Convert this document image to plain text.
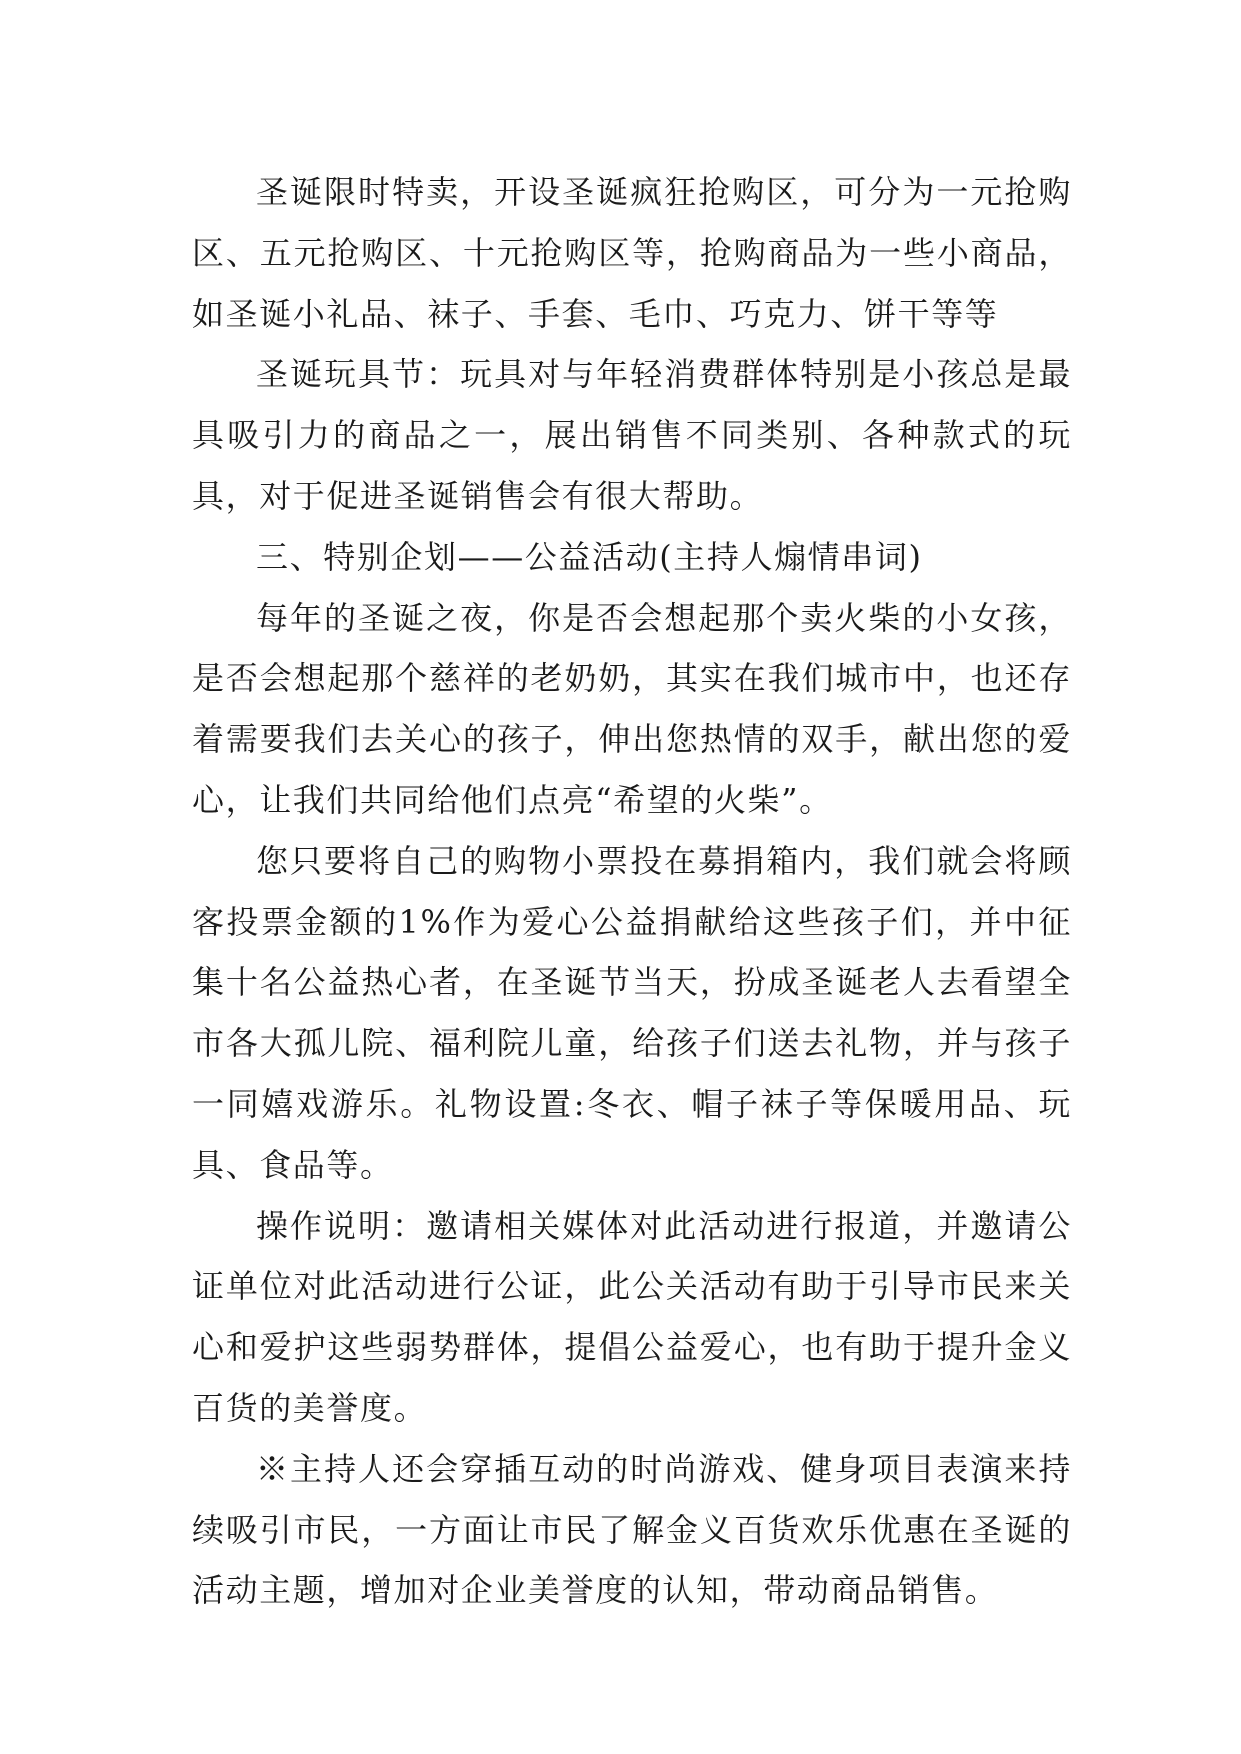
圣诞限时特卖，开设圣诞疯狂抢购区，可分为一元抢购区、五元抢购区、十元抢购区等，抢购商品为一些小商品，如圣诞小礼品、袜子、手套、毛巾、巧克力、饼干等等

圣诞玩具节：玩具对与年轻消费群体特别是小孩总是最具吸引力的商品之一，展出销售不同类别、各种款式的玩具，对于促进圣诞销售会有很大帮助。

三、特别企划——公益活动(主持人煽情串词)

每年的圣诞之夜，你是否会想起那个卖火柴的小女孩，是否会想起那个慈祥的老奶奶，其实在我们城市中，也还存着需要我们去关心的孩子，伸出您热情的双手，献出您的爱心，让我们共同给他们点亮“希望的火柴”。

您只要将自己的购物小票投在募捐箱内，我们就会将顾客投票金额的1%作为爱心公益捐献给这些孩子们，并中征集十名公益热心者，在圣诞节当天，扮成圣诞老人去看望全市各大孤儿院、福利院儿童，给孩子们送去礼物，并与孩子一同嬉戏游乐。礼物设置:冬衣、帽子袜子等保暖用品、玩具、食品等。

操作说明：邀请相关媒体对此活动进行报道，并邀请公证单位对此活动进行公证，此公关活动有助于引导市民来关心和爱护这些弱势群体，提倡公益爱心，也有助于提升金义百货的美誉度。

※主持人还会穿插互动的时尚游戏、健身项目表演来持续吸引市民，一方面让市民了解金义百货欢乐优惠在圣诞的活动主题，增加对企业美誉度的认知，带动商品销售。
